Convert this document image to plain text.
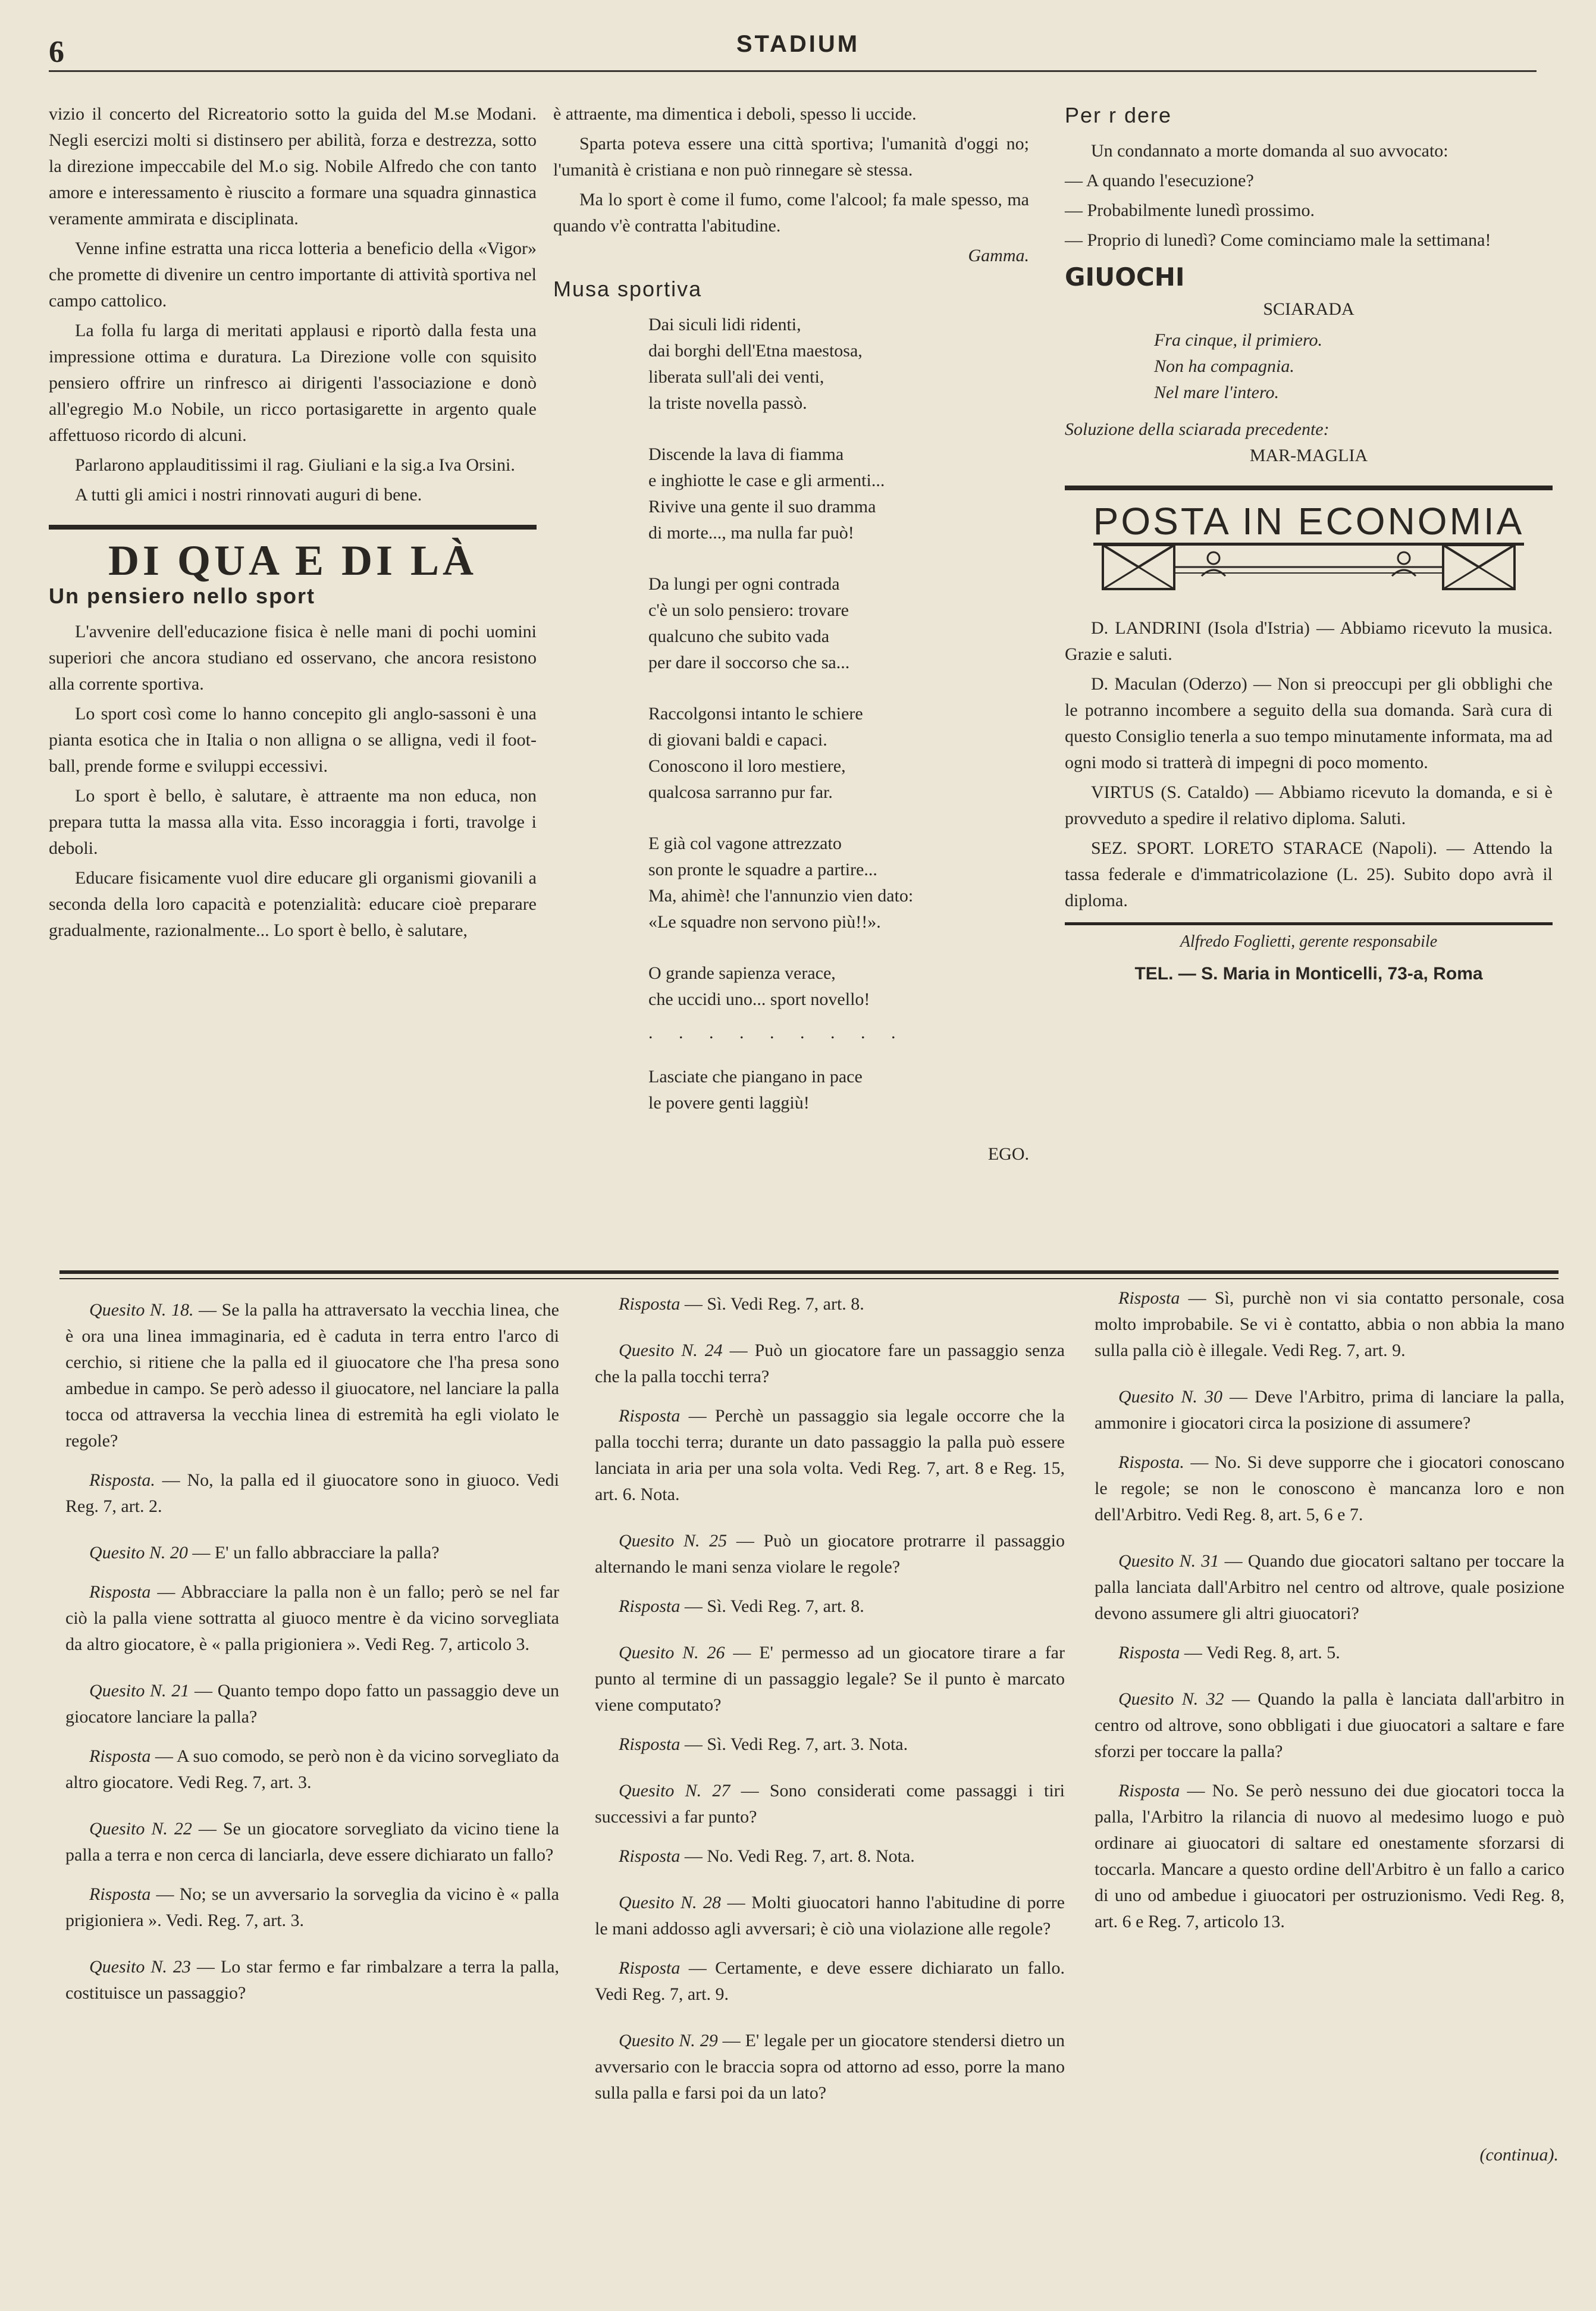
6	STADIUM

vizio il concerto del Ricreatorio sotto la guida del M.se Modani. Negli esercizi molti si distinsero per abilità, forza e destrezza, sotto la direzione impeccabile del M.o sig. Nobile Alfredo che con tanto amore e interessamento è riuscito a formare una squadra ginnastica veramente ammirata e disciplinata.

Venne infine estratta una ricca lotteria a beneficio della «Vigor» che promette di divenire un centro importante di attività sportiva nel campo cattolico.

La folla fu larga di meritati applausi e riportò dalla festa una impressione ottima e duratura. La Direzione volle con squisito pensiero offrire un rinfresco ai dirigenti l'associazione e donò all'egregio M.o Nobile, un ricco portasigarette in argento quale affettuoso ricordo di alcuni.

Parlarono applauditissimi il rag. Giuliani e la sig.a Iva Orsini.

A tutti gli amici i nostri rinnovati auguri di bene.

DI QUA E DI LÀ
Un pensiero nello sport

L'avvenire dell'educazione fisica è nelle mani di pochi uomini superiori che ancora studiano ed osservano, che ancora resistono alla corrente sportiva.

Lo sport così come lo hanno concepito gli anglo-sassoni è una pianta esotica che in Italia o non alligna o se alligna, vedi il foot-ball, prende forme e sviluppi eccessivi.

Lo sport è bello, è salutare, è attraente ma non educa, non prepara tutta la massa alla vita. Esso incoraggia i forti, travolge i deboli.

Educare fisicamente vuol dire educare gli organismi giovanili a seconda della loro capacità e potenzialità: educare cioè preparare gradualmente, razionalmente... Lo sport è bello, è salutare,

è attraente, ma dimentica i deboli, spesso li uccide.

Sparta poteva essere una città sportiva; l'umanità d'oggi no; l'umanità è cristiana e non può rinnegare sè stessa.

Ma lo sport è come il fumo, come l'alcool; fa male spesso, ma quando v'è contratta l'abitudine.

Gamma.
Musa sportiva
Dai siculi lidi ridenti,
dai borghi dell'Etna maestosa,
liberata sull'ali dei venti,
la triste novella passò.
Discende la lava di fiamma
e inghiotte le case e gli armenti...
Rivive una gente il suo dramma
di morte..., ma nulla far può!
Da lungi per ogni contrada
c'è un solo pensiero: trovare
qualcuno che subito vada
per dare il soccorso che sa...
Raccolgonsi intanto le schiere
di giovani baldi e capaci.
Conoscono il loro mestiere,
qualcosa sarranno pur far.
E già col vagone attrezzato
son pronte le squadre a partire...
Ma, ahimè! che l'annunzio vien dato:
«Le squadre non servono più!!».
O grande sapienza verace,
che uccidi uno... sport novello!
. . . . . . . . .
Lasciate che piangano in pace
le povere genti laggiù!
EGO.
Per r dere

Un condannato a morte domanda al suo avvocato:

— A quando l'esecuzione?

— Probabilmente lunedì prossimo.

— Proprio di lunedì? Come cominciamo male la settimana!

GIUOCHI
SCIARADA
Fra cinque, il primiero.
Non ha compagnia.
Nel mare l'intero.
Soluzione della sciarada precedente:
MAR-MAGLIA
POSTA IN ECONOMIA

D. LANDRINI (Isola d'Istria) — Abbiamo ricevuto la musica. Grazie e saluti.

D. Maculan (Oderzo) — Non si preoccupi per gli obblighi che le potranno incombere a seguito della sua domanda. Sarà cura di questo Consiglio tenerla a suo tempo minutamente informata, ma ad ogni modo si tratterà di impegni di poco momento.

VIRTUS (S. Cataldo) — Abbiamo ricevuto la domanda, e si è provveduto a spedire il relativo diploma. Saluti.

SEZ. SPORT. LORETO STARACE (Napoli). — Attendo la tassa federale e d'immatricolazione (L. 25). Subito dopo avrà il diploma.

Alfredo Foglietti, gerente responsabile
TEL. — S. Maria in Monticelli, 73-a, Roma

Quesito N. 18. — Se la palla ha attraversato la vecchia linea, che è ora una linea immaginaria, ed è caduta in terra entro l'arco di cerchio, si ritiene che la palla ed il giuocatore che l'ha presa sono ambedue in campo. Se però adesso il giuocatore, nel lanciare la palla tocca od attraversa la vecchia linea di estremità ha egli violato le regole?

Risposta. — No, la palla ed il giuocatore sono in giuoco. Vedi Reg. 7, art. 2.

Quesito N. 20 — E' un fallo abbracciare la palla?

Risposta — Abbracciare la palla non è un fallo; però se nel far ciò la palla viene sottratta al giuoco mentre è da vicino sorvegliata da altro giocatore, è « palla prigioniera ». Vedi Reg. 7, articolo 3.

Quesito N. 21 — Quanto tempo dopo fatto un passaggio deve un giocatore lanciare la palla?

Risposta — A suo comodo, se però non è da vicino sorvegliato da altro giocatore. Vedi Reg. 7, art. 3.

Quesito N. 22 — Se un giocatore sorvegliato da vicino tiene la palla a terra e non cerca di lanciarla, deve essere dichiarato un fallo?

Risposta — No; se un avversario la sorveglia da vicino è « palla prigioniera ». Vedi. Reg. 7, art. 3.

Quesito N. 23 — Lo star fermo e far rimbalzare a terra la palla, costituisce un passaggio?

Risposta — Sì. Vedi Reg. 7, art. 8.

Quesito N. 24 — Può un giocatore fare un passaggio senza che la palla tocchi terra?

Risposta — Perchè un passaggio sia legale occorre che la palla tocchi terra; durante un dato passaggio la palla può essere lanciata in aria per una sola volta. Vedi Reg. 7, art. 8 e Reg. 15, art. 6. Nota.

Quesito N. 25 — Può un giocatore protrarre il passaggio alternando le mani senza violare le regole?

Risposta — Sì. Vedi Reg. 7, art. 8.

Quesito N. 26 — E' permesso ad un giocatore tirare a far punto al termine di un passaggio legale? Se il punto è marcato viene computato?

Risposta — Sì. Vedi Reg. 7, art. 3. Nota.

Quesito N. 27 — Sono considerati come passaggi i tiri successivi a far punto?

Risposta — No. Vedi Reg. 7, art. 8. Nota.

Quesito N. 28 — Molti giuocatori hanno l'abitudine di porre le mani addosso agli avversari; è ciò una violazione alle regole?

Risposta — Certamente, e deve essere dichiarato un fallo. Vedi Reg. 7, art. 9.

Quesito N. 29 — E' legale per un giocatore stendersi dietro un avversario con le braccia sopra od attorno ad esso, porre la mano sulla palla e farsi poi da un lato?

Risposta — Sì, purchè non vi sia contatto personale, cosa molto improbabile. Se vi è contatto, abbia o non abbia la mano sulla palla ciò è illegale. Vedi Reg. 7, art. 9.

Quesito N. 30 — Deve l'Arbitro, prima di lanciare la palla, ammonire i giocatori circa la posizione di assumere?

Risposta. — No. Si deve supporre che i giocatori conoscano le regole; se non le conoscono è mancanza loro e non dell'Arbitro. Vedi Reg. 8, art. 5, 6 e 7.

Quesito N. 31 — Quando due giocatori saltano per toccare la palla lanciata dall'Arbitro nel centro od altrove, quale posizione devono assumere gli altri giuocatori?

Risposta — Vedi Reg. 8, art. 5.

Quesito N. 32 — Quando la palla è lanciata dall'arbitro in centro od altrove, sono obbligati i due giuocatori a saltare e fare sforzi per toccare la palla?

Risposta — No. Se però nessuno dei due giocatori tocca la palla, l'Arbitro la rilancia di nuovo al medesimo luogo e può ordinare ai giuocatori di saltare ed onestamente sforzarsi di toccarla. Mancare a questo ordine dell'Arbitro è un fallo a carico di uno od ambedue i giuocatori per ostruzionismo. Vedi Reg. 8, art. 6 e Reg. 7, articolo 13.

(continua).
